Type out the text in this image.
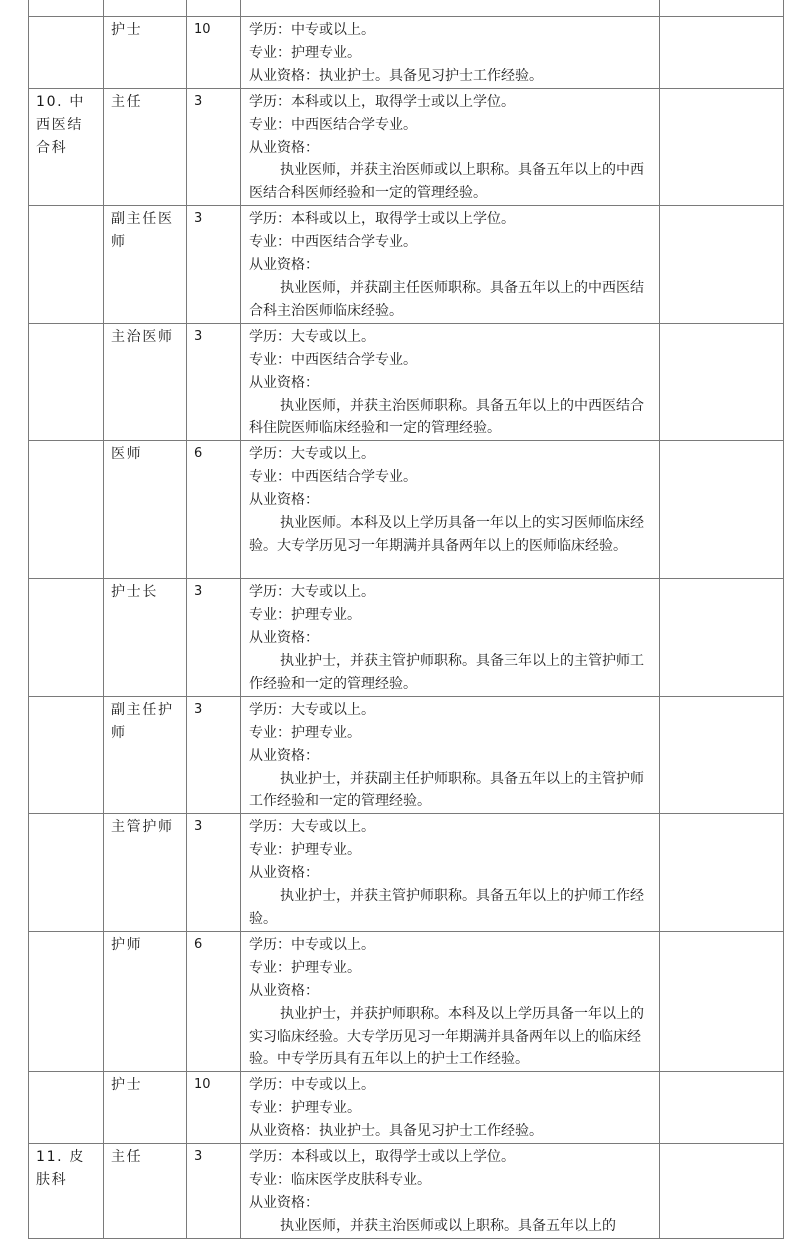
	护士	10	学历：中专或以上。
专业：护理专业。
从业资格：执业护士。具备见习护士工作经验。	

10. 中西医结合科	主任	3	学历：本科或以上，取得学士或以上学位。
专业：中西医结合学专业。
从业资格：
执业医师，并获主治医师或以上职称。具备五年以上的中西医结合科医师经验和一定的管理经验。	

	副主任医师	3	学历：本科或以上，取得学士或以上学位。
专业：中西医结合学专业。
从业资格：
执业医师，并获副主任医师职称。具备五年以上的中西医结合科主治医师临床经验。	

	主治医师	3	学历：大专或以上。
专业：中西医结合学专业。
从业资格：
执业医师，并获主治医师职称。具备五年以上的中西医结合科住院医师临床经验和一定的管理经验。	

	医师	6	学历：大专或以上。
专业：中西医结合学专业。
从业资格：
执业医师。本科及以上学历具备一年以上的实习医师临床经验。大专学历见习一年期满并具备两年以上的医师临床经验。	

	护士长	3	学历：大专或以上。
专业：护理专业。
从业资格：
执业护士，并获主管护师职称。具备三年以上的主管护师工作经验和一定的管理经验。	

	副主任护师	3	学历：大专或以上。
专业：护理专业。
从业资格：
执业护士，并获副主任护师职称。具备五年以上的主管护师工作经验和一定的管理经验。	

	主管护师	3	学历：大专或以上。
专业：护理专业。
从业资格：
执业护士，并获主管护师职称。具备五年以上的护师工作经验。	

	护师	6	学历：中专或以上。
专业：护理专业。
从业资格：
执业护士，并获护师职称。本科及以上学历具备一年以上的实习临床经验。大专学历见习一年期满并具备两年以上的临床经验。中专学历具有五年以上的护士工作经验。	

	护士	10	学历：中专或以上。
专业：护理专业。
从业资格：执业护士。具备见习护士工作经验。	

11. 皮肤科	主任	3	学历：本科或以上，取得学士或以上学位。
专业：临床医学皮肤科专业。
从业资格：
执业医师，并获主治医师或以上职称。具备五年以上的	
